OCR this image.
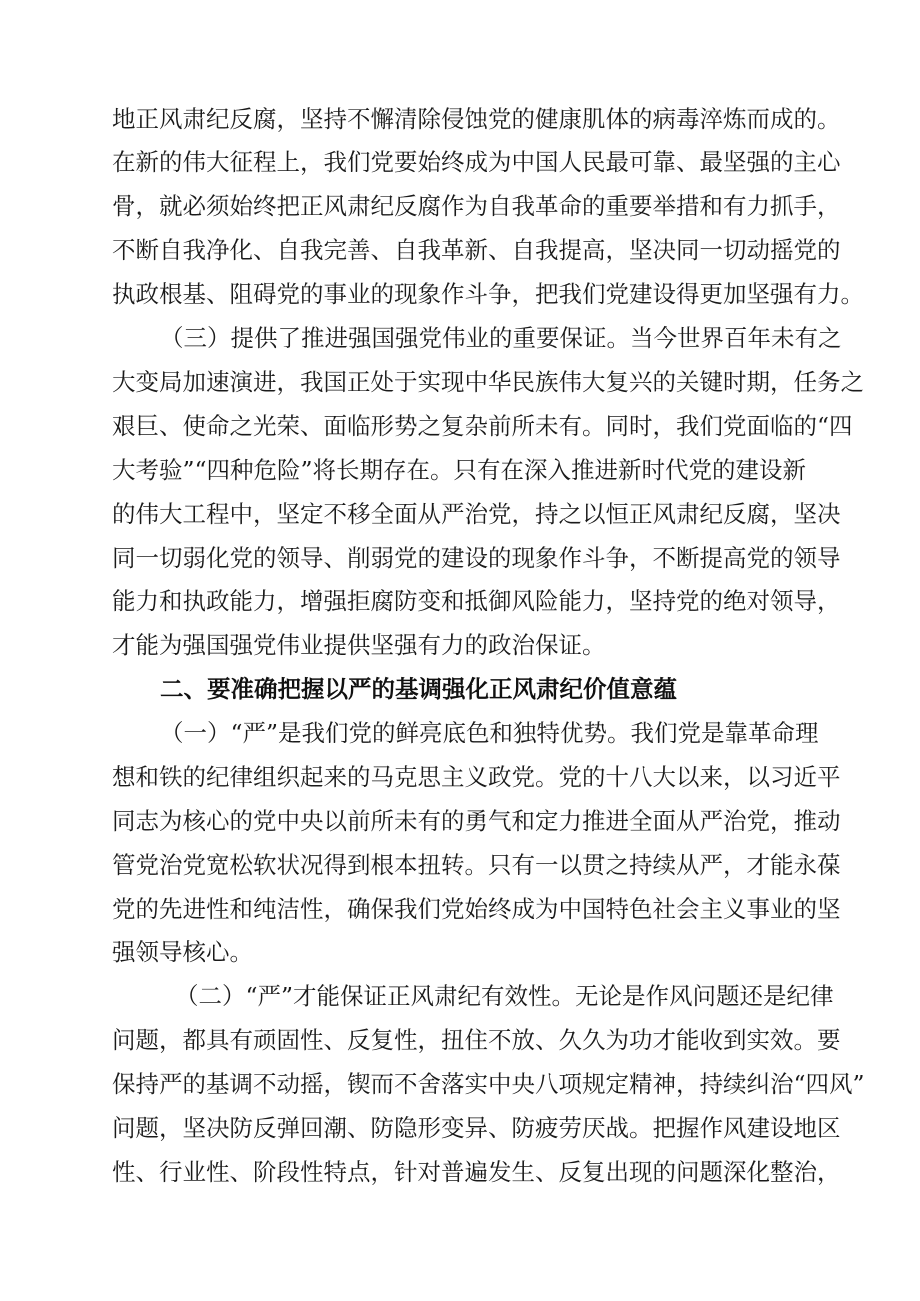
地正风肃纪反腐，坚持不懈清除侵蚀党的健康肌体的病毒淬炼而成的。
在新的伟大征程上，我们党要始终成为中国人民最可靠、最坚强的主心
骨，就必须始终把正风肃纪反腐作为自我革命的重要举措和有力抓手，
不断自我净化、自我完善、自我革新、自我提高，坚决同一切动摇党的
执政根基、阻碍党的事业的现象作斗争，把我们党建设得更加坚强有力。
（三）提供了推进强国强党伟业的重要保证。当今世界百年未有之
大变局加速演进，我国正处于实现中华民族伟大复兴的关键时期，任务之
艰巨、使命之光荣、面临形势之复杂前所未有。同时，我们党面临的“四
大考验”“四种危险”将长期存在。只有在深入推进新时代党的建设新
的伟大工程中，坚定不移全面从严治党，持之以恒正风肃纪反腐，坚决
同一切弱化党的领导、削弱党的建设的现象作斗争，不断提高党的领导
能力和执政能力，增强拒腐防变和抵御风险能力，坚持党的绝对领导，
才能为强国强党伟业提供坚强有力的政治保证。
二、要准确把握以严的基调强化正风肃纪价值意蕴
（一）“严”是我们党的鲜亮底色和独特优势。我们党是靠革命理
想和铁的纪律组织起来的马克思主义政党。党的十八大以来，以习近平
同志为核心的党中央以前所未有的勇气和定力推进全面从严治党，推动
管党治党宽松软状况得到根本扭转。只有一以贯之持续从严，才能永葆
党的先进性和纯洁性，确保我们党始终成为中国特色社会主义事业的坚
强领导核心。
（二）“严”才能保证正风肃纪有效性。无论是作风问题还是纪律
问题，都具有顽固性、反复性，扭住不放、久久为功才能收到实效。要
保持严的基调不动摇，锲而不舍落实中央八项规定精神，持续纠治“四风”
问题，坚决防反弹回潮、防隐形变异、防疲劳厌战。把握作风建设地区
性、行业性、阶段性特点，针对普遍发生、反复出现的问题深化整治，
